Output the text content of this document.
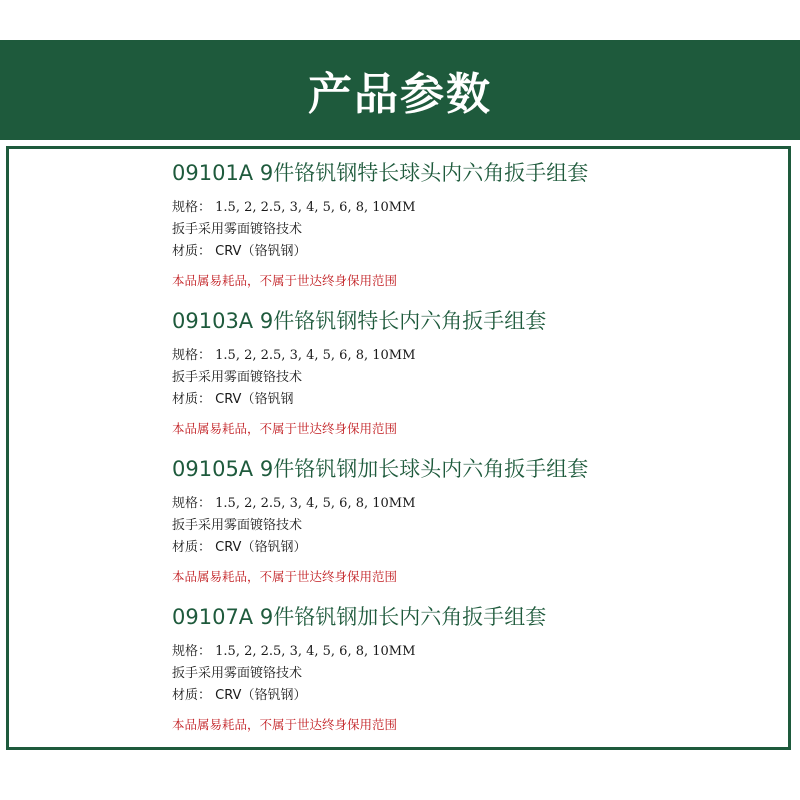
产品参数
09101A 9件铬钒钢特长球头内六角扳手组套
规格： 1.5, 2, 2.5, 3, 4, 5, 6, 8, 10MM
扳手采用雾面镀铬技术
材质： CRV（铬钒钢）
本品属易耗品，不属于世达终身保用范围
09103A 9件铬钒钢特长内六角扳手组套
规格： 1.5, 2, 2.5, 3, 4, 5, 6, 8, 10MM
扳手采用雾面镀铬技术
材质： CRV（铬钒钢
本品属易耗品，不属于世达终身保用范围
09105A 9件铬钒钢加长球头内六角扳手组套
规格： 1.5, 2, 2.5, 3, 4, 5, 6, 8, 10MM
扳手采用雾面镀铬技术
材质： CRV（铬钒钢）
本品属易耗品，不属于世达终身保用范围
09107A 9件铬钒钢加长内六角扳手组套
规格： 1.5, 2, 2.5, 3, 4, 5, 6, 8, 10MM
扳手采用雾面镀铬技术
材质： CRV（铬钒钢）
本品属易耗品，不属于世达终身保用范围
